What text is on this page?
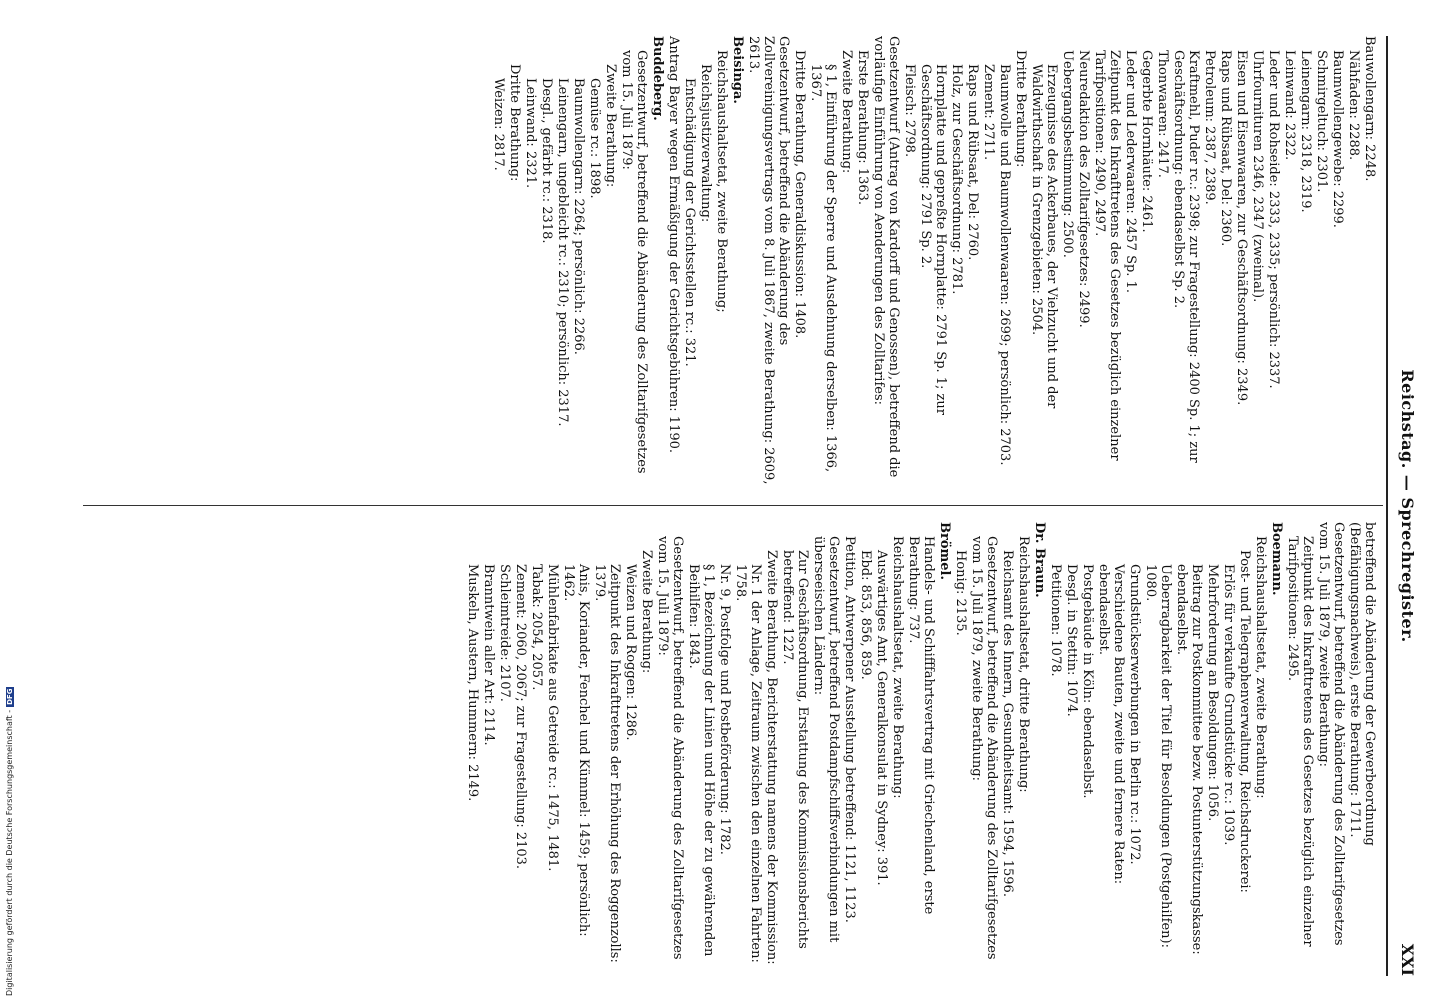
Digitalisierung gefördert durch die Deutsche Forschungsgemeinschaft -DFG
Reichstag. — Sprechregister.
XXI
Bauwollengarn: 2248.
Nähfaden: 2288.
Baumwollengewebe: 2299.
Schmirgeltuch: 2301.
Leinengarn: 2318, 2319.
Leinwand: 2322.
Leder und Rohseide: 2333, 2335; persönlich: 2337.
Uhrfournituren 2346, 2347 (zweimal).
Eisen und Eisenwaaren, zur Geschäftsordnung: 2349.
Raps und Rübsaat, Del: 2360.
Petroleum: 2387, 2389.
Kraftmehl, Puder rc.: 2398; zur Fragestellung: 2400 Sp. 1; zur Geschäftsordnung: ebendaselbst Sp. 2.
Thonwaaren: 2417.
Gegerbte Hornhäute: 2461.
Leder und Lederwaaren: 2457 Sp. 1.
Zeitpunkt des Inkrafttretens des Gesetzes bezüglich einzelner Tarifpositionen: 2490, 2497.
Neuredaktion des Zolltarifgesetzes: 2499.
Uebergangsbestimmung: 2500.
Erzeugnisse des Ackerbaues, der Viehzucht und der Waldwirthschaft in Grenzgebieten: 2504.
Dritte Berathung:
Baumwolle und Baumwollenwaaren: 2699; persönlich: 2703.
Zement: 2711.
Raps und Rübsaat, Del: 2760.
Holz, zur Geschäftsordnung: 2781.
Hornplatte und gepreßte Hornplatte: 2791 Sp. 1; zur Geschäftsordnung: 2791 Sp. 2.
Fleisch: 2798.
Gesetzentwurf (Antrag von Kardorff und Genossen), betreffend die vorläufige Einführung von Aenderungen des Zolltarifes:
Erste Berathung: 1363.
Zweite Berathung:
§ 1, Einführung der Sperre und Ausdehnung derselben: 1366, 1367.
Dritte Berathung, Generaldiskussion: 1408.
Gesetzentwurf, betreffend die Abänderung des Zollvereinigungsvertrags vom 8. Juli 1867, zweite Berathung: 2609, 2613.
Beisinga.
Reichshaushaltsetat, zweite Berathung;
Reichsjustizverwaltung:
Entschädigung der Gerichtsstellen rc.: 321.
Antrag Bayer wegen Ermäßigung der Gerichtsgebühren: 1190.
Buddeberg.
Gesetzentwurf, betreffend die Abänderung des Zolltarifgesetzes vom 15. Juli 1879:
Zweite Berathung:
Gemüse rc.: 1898.
Baumwollengarn: 2264; persönlich: 2266.
Leinengarn, ungebleicht rc.: 2310; persönlich: 2317.
Desgl., gefärbt rc.: 2318.
Leinwand: 2321.
Dritte Berathung:
Weizen: 2817.
betreffend die Abänderung der Gewerbeordnung (Befähigungsnachweis), erste Berathung: 1711.
Gesetzentwurf, betreffend die Abänderung des Zolltarifgesetzes vom 15. Juli 1879, zweite Berathung:
Zeitpunkt des Inkrafttretens des Gesetzes bezüglich einzelner Tarifpositionen: 2495.
Boemann.
Reichshaushaltsetat, zweite Berathung:
Post- und Telegraphenverwaltung, Reichsdruckerei:
Erlös für verkaufte Grundstücke rc.: 1039.
Mehrforderung an Besoldungen: 1056.
Beitrag zur Postkommittee bezw. Postunterstützungskasse: ebendaselbst.
Ueberragbarkeit der Titel für Besoldungen (Postgehilfen): 1080.
Grundstückserwerbungen in Berlin rc.: 1072.
Verschiedene Bauten, zweite und fernere Raten: ebendaselbst.
Postgebäude in Köln: ebendaselbst.
Desgl. in Stettin: 1074.
Petitionen: 1078.
Dr. Braun.
Reichshaushaltsetat, dritte Berathung:
Reichsamt des Innern, Gesundheitsamt: 1594, 1596.
Gesetzentwurf, betreffend die Abänderung des Zolltarifgesetzes vom 15. Juli 1879, zweite Berathung:
Honig: 2135.
Brömel.
Handels- und Schifffahrtsvertrag mit Griechenland, erste Berathung: 737.
Reichshaushaltsetat, zweite Berathung:
Auswärtiges Amt, Generalkonsulat in Sydney: 391.
Ebd: 853, 856, 859.
Petition, Antwerpener Ausstellung betreffend: 1121, 1123.
Gesetzentwurf, betreffend Postdampfschiffsverbindungen mit überseeischen Ländern:
Zur Geschäftsordnung, Erstattung des Kommissionsberichts betreffend: 1227.
Zweite Berathung, Berichterstattung namens der Kommission:
Nr. 1 der Anlage, Zeitraum zwischen den einzelnen Fahrten: 1758.
Nr. 9, Postfolge und Postbeförderung: 1782.
§ 1, Bezeichnung der Linien und Höhe der zu gewährenden Beihilfen: 1843.
Gesetzentwurf, betreffend die Abänderung des Zolltarifgesetzes vom 15. Juli 1879:
Zweite Berathung:
Weizen und Roggen: 1286.
Zeitpunkt des Inkrafttretens der Erhöhung des Roggenzolls: 1379.
Anis, Koriander, Fenchel und Kümmel: 1459; persönlich: 1462.
Mühlenfabrikate aus Getreide rc.: 1475, 1481.
Tabak: 2054, 2057.
Zement: 2060, 2067; zur Fragestellung: 2103.
Schleimtreide: 2107.
Branntwein aller Art: 2114.
Muskeln, Austern, Hummern: 2149.
